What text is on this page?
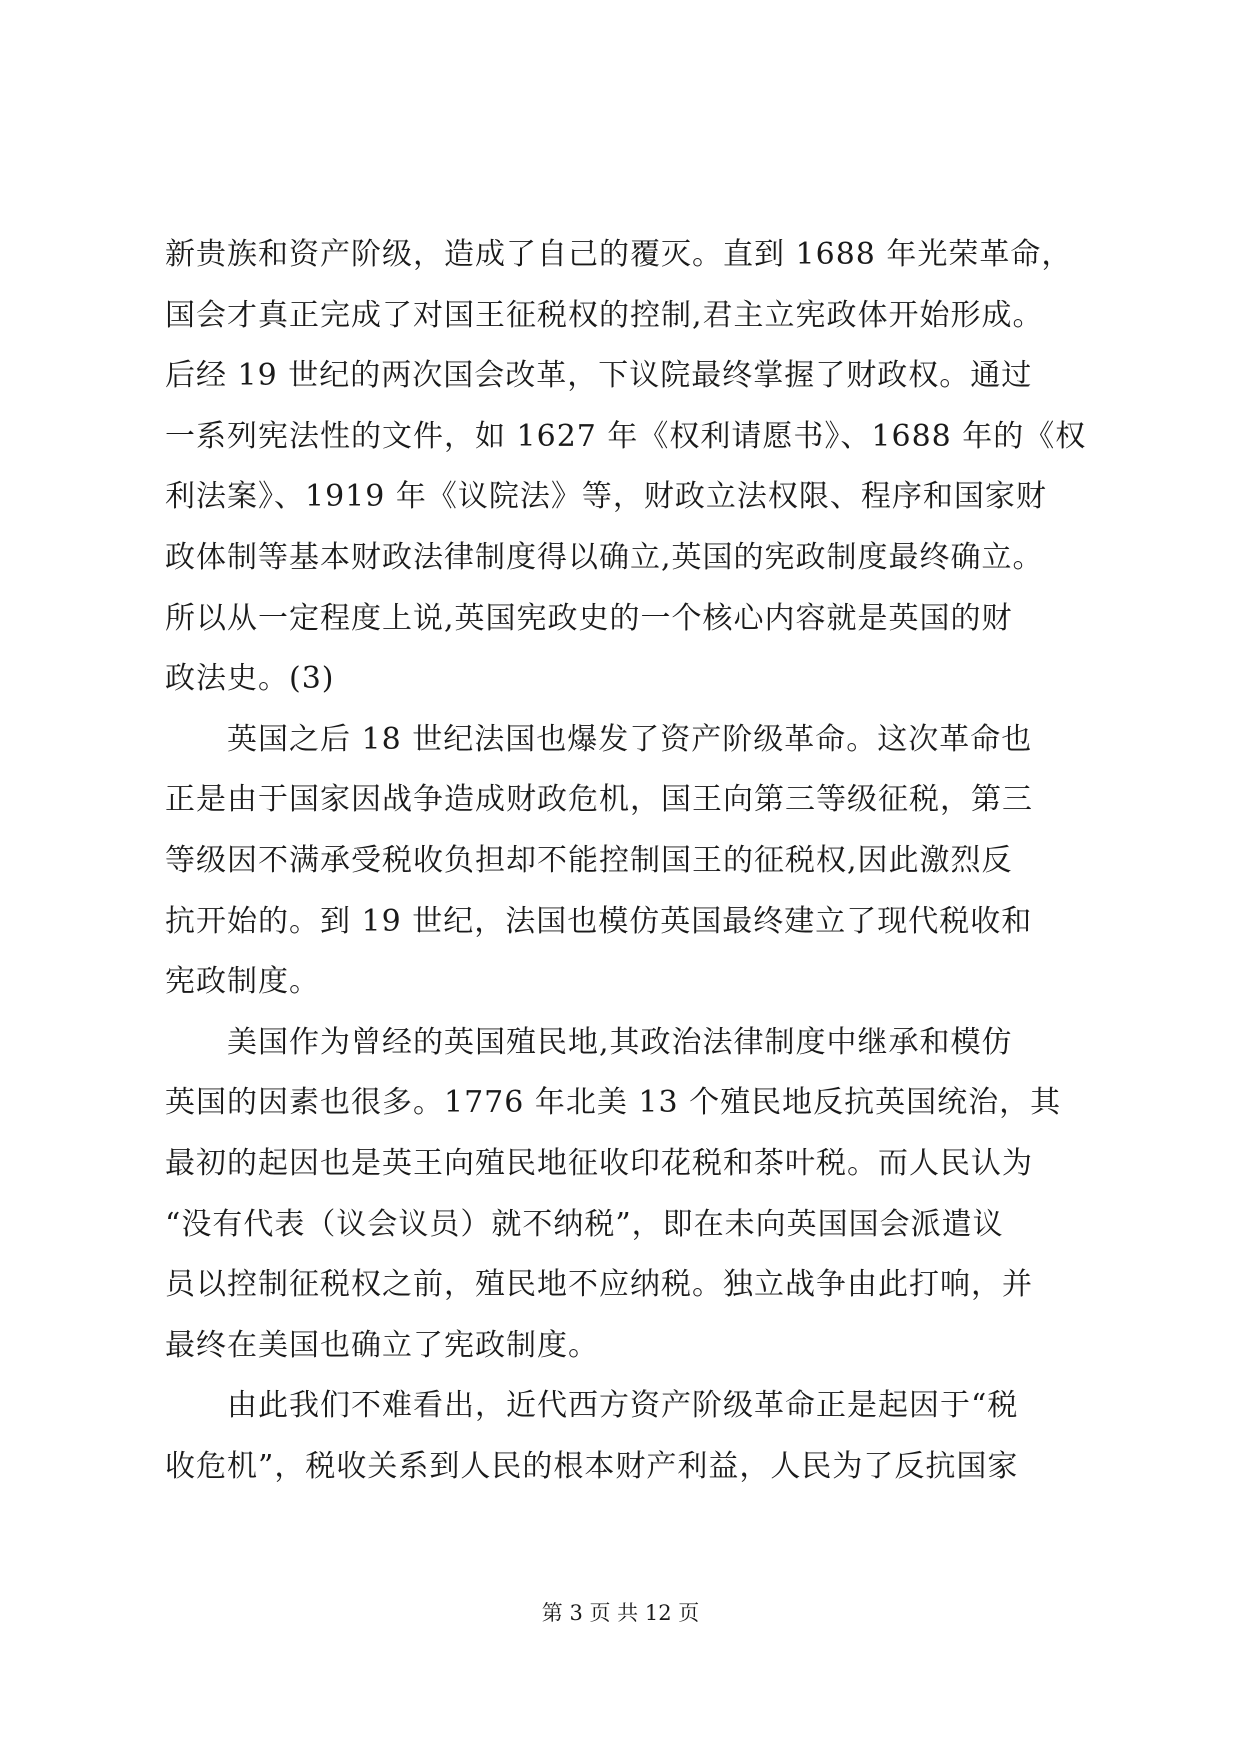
新贵族和资产阶级，造成了自己的覆灭。直到 1688 年光荣革命，
国会才真正完成了对国王征税权的控制,君主立宪政体开始形成。
后经 19 世纪的两次国会改革，下议院最终掌握了财政权。通过
一系列宪法性的文件，如 1627 年《权利请愿书》、1688 年的《权
利法案》、1919 年《议院法》等，财政立法权限、程序和国家财
政体制等基本财政法律制度得以确立,英国的宪政制度最终确立。
所以从一定程度上说,英国宪政史的一个核心内容就是英国的财
政法史。(3)
　　英国之后 18 世纪法国也爆发了资产阶级革命。这次革命也
正是由于国家因战争造成财政危机，国王向第三等级征税，第三
等级因不满承受税收负担却不能控制国王的征税权,因此激烈反
抗开始的。到 19 世纪，法国也模仿英国最终建立了现代税收和
宪政制度。
　　美国作为曾经的英国殖民地,其政治法律制度中继承和模仿
英国的因素也很多。1776 年北美 13 个殖民地反抗英国统治，其
最初的起因也是英王向殖民地征收印花税和茶叶税。而人民认为
“没有代表（议会议员）就不纳税”，即在未向英国国会派遣议
员以控制征税权之前，殖民地不应纳税。独立战争由此打响，并
最终在美国也确立了宪政制度。
　　由此我们不难看出，近代西方资产阶级革命正是起因于“税
收危机”，税收关系到人民的根本财产利益，人民为了反抗国家
第 3 页 共 12 页
